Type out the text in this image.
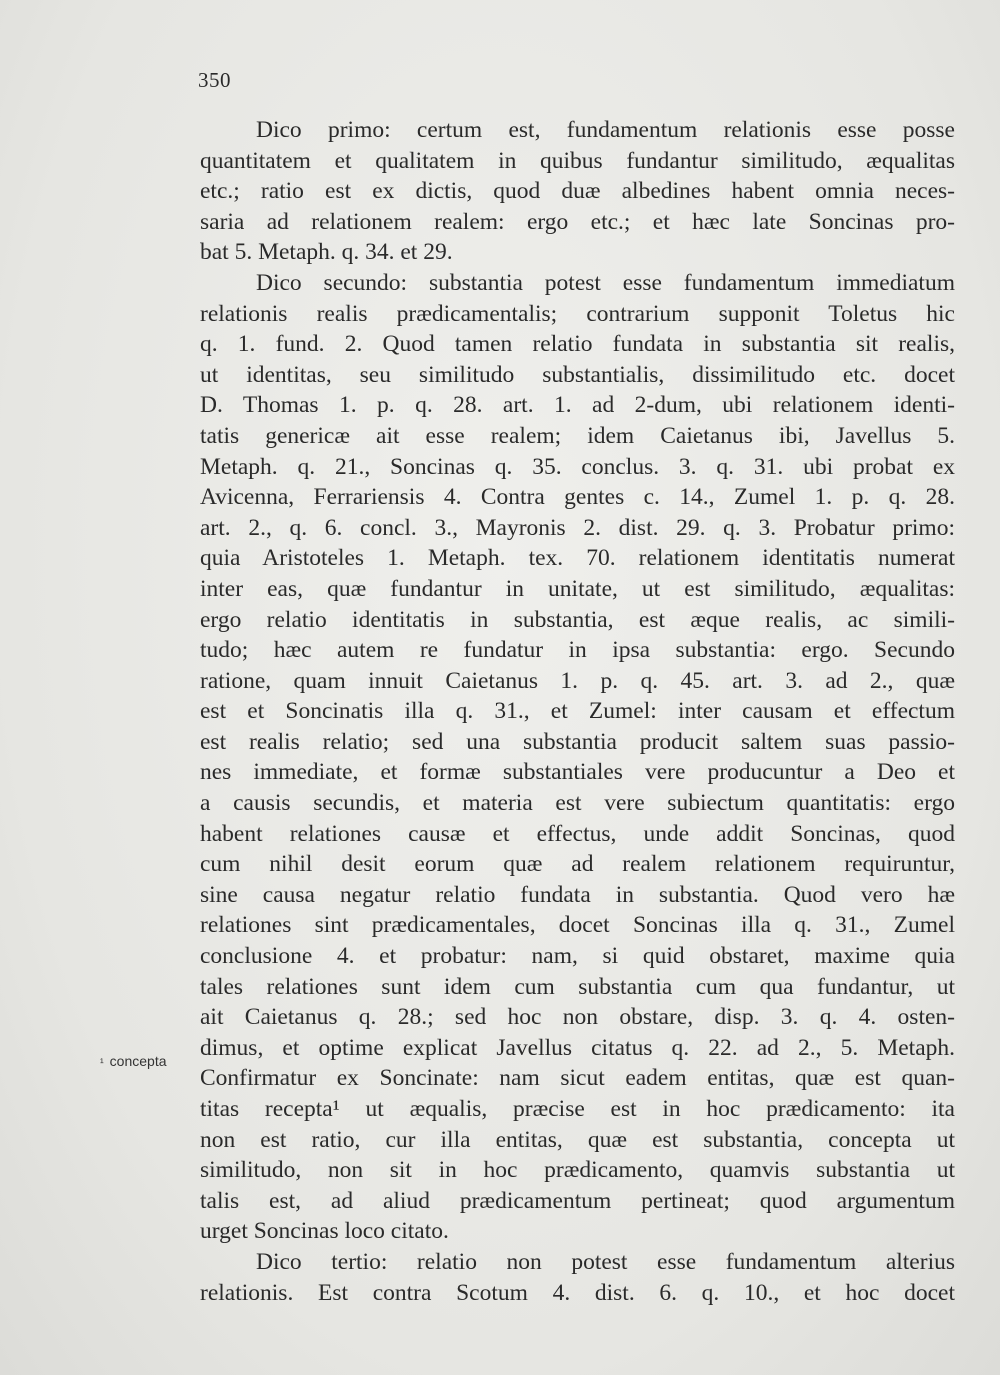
350
¹ concepta
Dico primo: certum est, fundamentum relationis esse posse
quantitatem et qualitatem in quibus fundantur similitudo, æqualitas
etc.; ratio est ex dictis, quod duæ albedines habent omnia neces-
saria ad relationem realem: ergo etc.; et hæc late Soncinas pro-
bat 5. Metaph. q. 34. et 29.
Dico secundo: substantia potest esse fundamentum immediatum
relationis realis prædicamentalis; contrarium supponit Toletus hic
q. 1. fund. 2. Quod tamen relatio fundata in substantia sit realis,
ut identitas, seu similitudo substantialis, dissimilitudo etc. docet
D. Thomas 1. p. q. 28. art. 1. ad 2-dum, ubi relationem identi-
tatis genericæ ait esse realem; idem Caietanus ibi, Javellus 5.
Metaph. q. 21., Soncinas q. 35. conclus. 3. q. 31. ubi probat ex
Avicenna, Ferrariensis 4. Contra gentes c. 14., Zumel 1. p. q. 28.
art. 2., q. 6. concl. 3., Mayronis 2. dist. 29. q. 3. Probatur primo:
quia Aristoteles 1. Metaph. tex. 70. relationem identitatis numerat
inter eas, quæ fundantur in unitate, ut est similitudo, æqualitas:
ergo relatio identitatis in substantia, est æque realis, ac simili-
tudo; hæc autem re fundatur in ipsa substantia: ergo. Secundo
ratione, quam innuit Caietanus 1. p. q. 45. art. 3. ad 2., quæ
est et Soncinatis illa q. 31., et Zumel: inter causam et effectum
est realis relatio; sed una substantia producit saltem suas passio-
nes immediate, et formæ substantiales vere producuntur a Deo et
a causis secundis, et materia est vere subiectum quantitatis: ergo
habent relationes causæ et effectus, unde addit Soncinas, quod
cum nihil desit eorum quæ ad realem relationem requiruntur,
sine causa negatur relatio fundata in substantia. Quod vero hæ
relationes sint prædicamentales, docet Soncinas illa q. 31., Zumel
conclusione 4. et probatur: nam, si quid obstaret, maxime quia
tales relationes sunt idem cum substantia cum qua fundantur, ut
ait Caietanus q. 28.; sed hoc non obstare, disp. 3. q. 4. osten-
dimus, et optime explicat Javellus citatus q. 22. ad 2., 5. Metaph.
Confirmatur ex Soncinate: nam sicut eadem entitas, quæ est quan-
titas recepta¹ ut æqualis, præcise est in hoc prædicamento: ita
non est ratio, cur illa entitas, quæ est substantia, concepta ut
similitudo, non sit in hoc prædicamento, quamvis substantia ut
talis est, ad aliud prædicamentum pertineat; quod argumentum
urget Soncinas loco citato.
Dico tertio: relatio non potest esse fundamentum alterius
relationis. Est contra Scotum 4. dist. 6. q. 10., et hoc docet
